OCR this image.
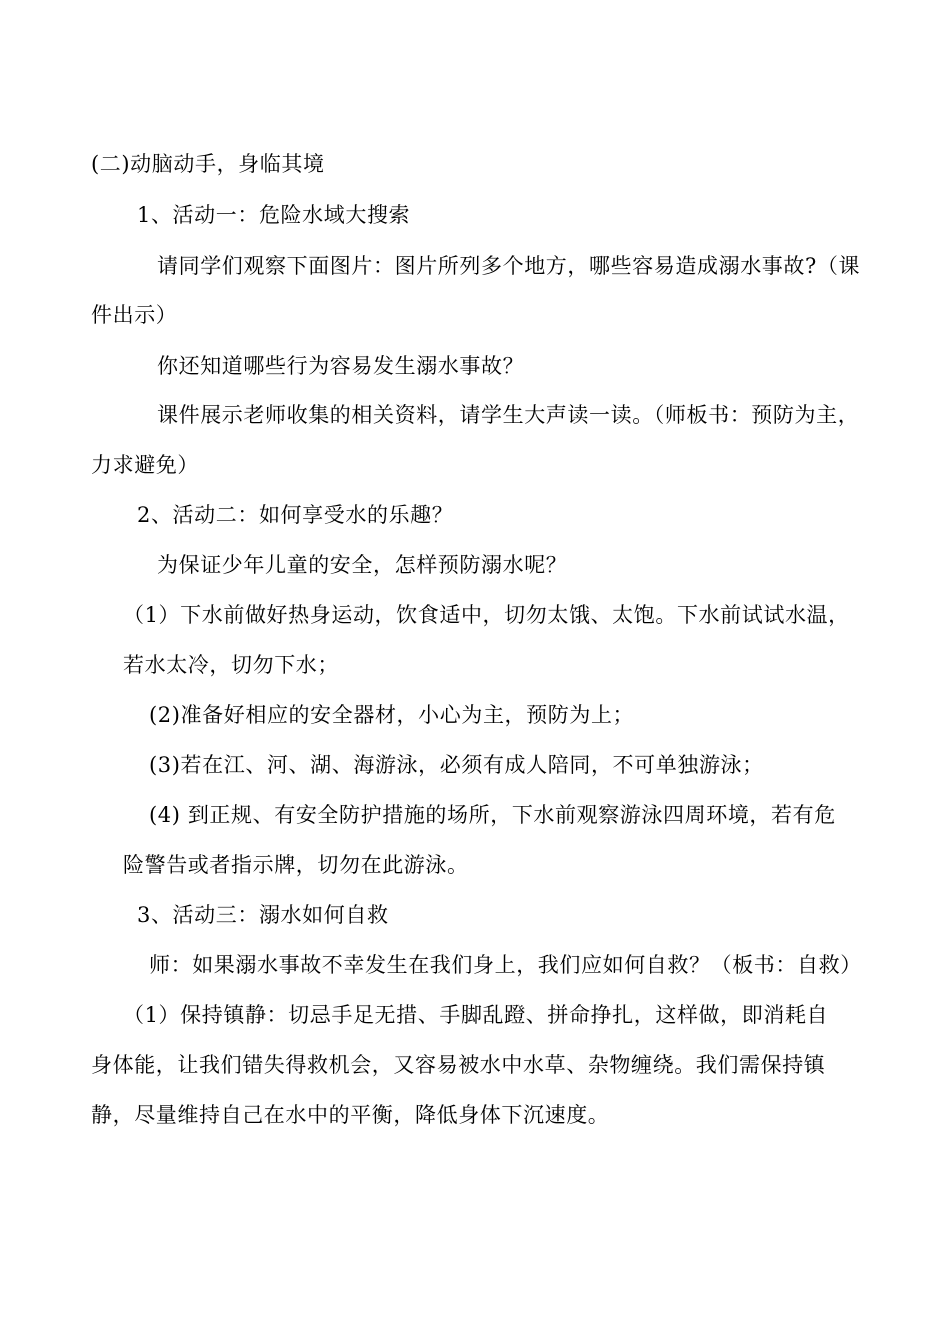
(二)动脑动手，身临其境
1、活动一：危险水域大搜索
请同学们观察下面图片：图片所列多个地方，哪些容易造成溺水事故?（课
件出示）
你还知道哪些行为容易发生溺水事故？
课件展示老师收集的相关资料，请学生大声读一读。（师板书：预防为主，
力求避免）
2、活动二：如何享受水的乐趣？
为保证少年儿童的安全，怎样预防溺水呢？
（1）下水前做好热身运动，饮食适中，切勿太饿、太饱。下水前试试水温，
若水太冷，切勿下水；
(2)准备好相应的安全器材，小心为主，预防为上；
(3)若在江、河、湖、海游泳，必须有成人陪同，不可单独游泳；
(4) 到正规、有安全防护措施的场所，下水前观察游泳四周环境，若有危
险警告或者指示牌，切勿在此游泳。
3、活动三：溺水如何自救
师：如果溺水事故不幸发生在我们身上，我们应如何自救？（板书：自救）
（1）保持镇静：切忌手足无措、手脚乱蹬、拼命挣扎，这样做，即消耗自
身体能，让我们错失得救机会，又容易被水中水草、杂物缠绕。我们需保持镇
静，尽量维持自己在水中的平衡，降低身体下沉速度。
